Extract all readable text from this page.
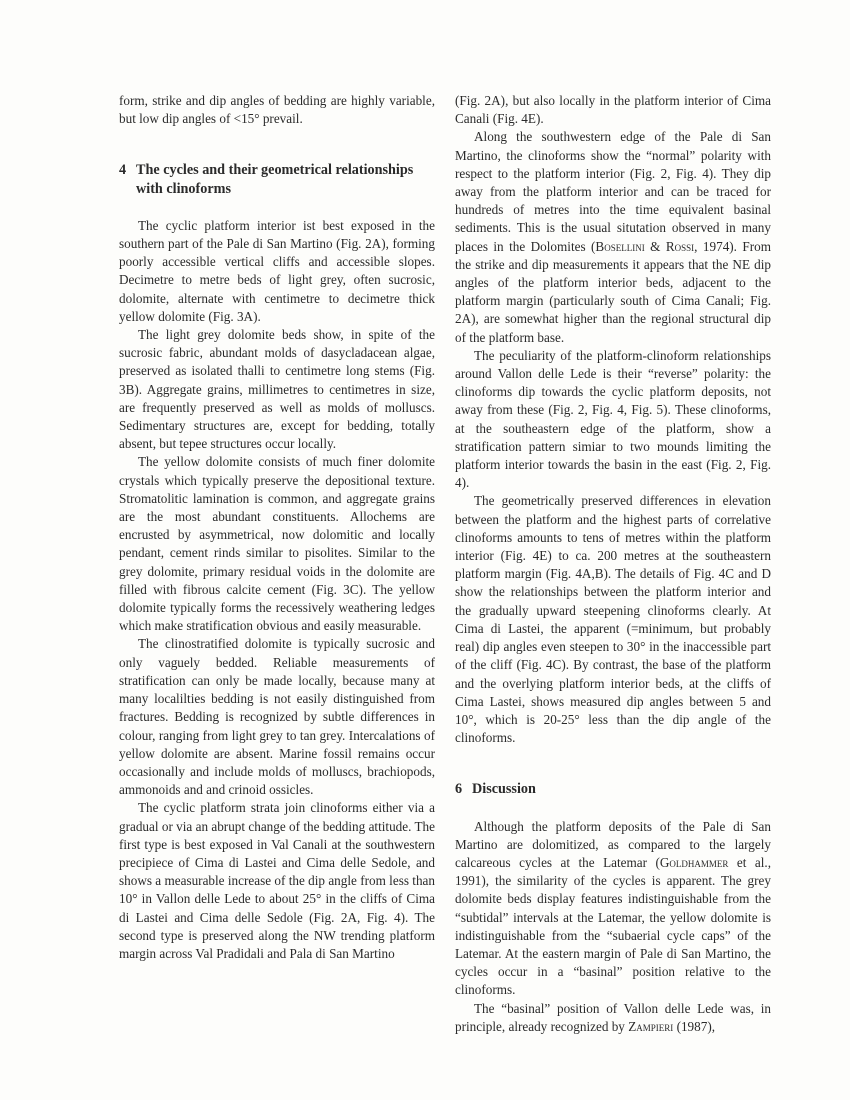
form, strike and dip angles of bedding are highly variable, but low dip angles of <15° prevail.

4 The cycles and their geometrical relationships with clinoforms

The cyclic platform interior ist best exposed in the southern part of the Pale di San Martino (Fig. 2A), forming poorly accessible vertical cliffs and accessible slopes. Decimetre to metre beds of light grey, often sucrosic, dolomite, alternate with centimetre to decimetre thick yellow dolomite (Fig. 3A).

The light grey dolomite beds show, in spite of the sucrosic fabric, abundant molds of dasycladacean algae, preserved as isolated thalli to centimetre long stems (Fig. 3B). Aggregate grains, millimetres to centimetres in size, are frequently preserved as well as molds of molluscs. Sedimentary structures are, except for bedding, totally absent, but tepee structures occur locally.

The yellow dolomite consists of much finer dolomite crystals which typically preserve the depositional texture. Stromatolitic lamination is common, and aggregate grains are the most abundant constituents. Allochems are encrusted by asymmetrical, now dolomitic and locally pendant, cement rinds similar to pisolites. Similar to the grey dolomite, primary residual voids in the dolomite are filled with fibrous calcite cement (Fig. 3C). The yellow dolomite typically forms the recessively weathering ledges which make stratification obvious and easily measurable.

The clinostratified dolomite is typically sucrosic and only vaguely bedded. Reliable measurements of stratification can only be made locally, because many at many localilties bedding is not easily distinguished from fractures. Bedding is recognized by subtle differences in colour, ranging from light grey to tan grey. Intercalations of yellow dolomite are absent. Marine fossil remains occur occasionally and include molds of molluscs, brachiopods, ammonoids and and crinoid ossicles.

The cyclic platform strata join clinoforms either via a gradual or via an abrupt change of the bedding attitude. The first type is best exposed in Val Canali at the southwestern precipiece of Cima di Lastei and Cima delle Sedole, and shows a measurable increase of the dip angle from less than 10° in Vallon delle Lede to about 25° in the cliffs of Cima di Lastei and Cima delle Sedole (Fig. 2A, Fig. 4). The second type is preserved along the NW trending platform margin across Val Pradidali and Pala di San Martino

(Fig. 2A), but also locally in the platform interior of Cima Canali (Fig. 4E).

Along the southwestern edge of the Pale di San Martino, the clinoforms show the “normal” polarity with respect to the platform interior (Fig. 2, Fig. 4). They dip away from the platform interior and can be traced for hundreds of metres into the time equivalent basinal sediments. This is the usual situtation observed in many places in the Dolomites (Bosellini & Rossi, 1974). From the strike and dip measurements it appears that the NE dip angles of the platform interior beds, adjacent to the platform margin (particularly south of Cima Canali; Fig. 2A), are somewhat higher than the regional structural dip of the platform base.

The peculiarity of the platform-clinoform relationships around Vallon delle Lede is their “reverse” polarity: the clinoforms dip towards the cyclic platform deposits, not away from these (Fig. 2, Fig. 4, Fig. 5). These clinoforms, at the southeastern edge of the platform, show a stratification pattern simiar to two mounds limiting the platform interior towards the basin in the east (Fig. 2, Fig. 4).

The geometrically preserved differences in elevation between the platform and the highest parts of correlative clinoforms amounts to tens of metres within the platform interior (Fig. 4E) to ca. 200 metres at the southeastern platform margin (Fig. 4A,B). The details of Fig. 4C and D show the relationships between the platform interior and the gradually upward steepening clinoforms clearly. At Cima di Lastei, the apparent (=minimum, but probably real) dip angles even steepen to 30° in the inaccessible part of the cliff (Fig. 4C). By contrast, the base of the platform and the overlying platform interior beds, at the cliffs of Cima Lastei, shows measured dip angles between 5 and 10°, which is 20-25° less than the dip angle of the clinoforms.

6 Discussion

Although the platform deposits of the Pale di San Martino are dolomitized, as compared to the largely calcareous cycles at the Latemar (Goldhammer et al., 1991), the similarity of the cycles is apparent. The grey dolomite beds display features indistinguishable from the “subtidal” intervals at the Latemar, the yellow dolomite is indistinguishable from the “subaerial cycle caps” of the Latemar. At the eastern margin of Pale di San Martino, the cycles occur in a “basinal” position relative to the clinoforms.

The “basinal” position of Vallon delle Lede was, in principle, already recognized by Zampieri (1987),
